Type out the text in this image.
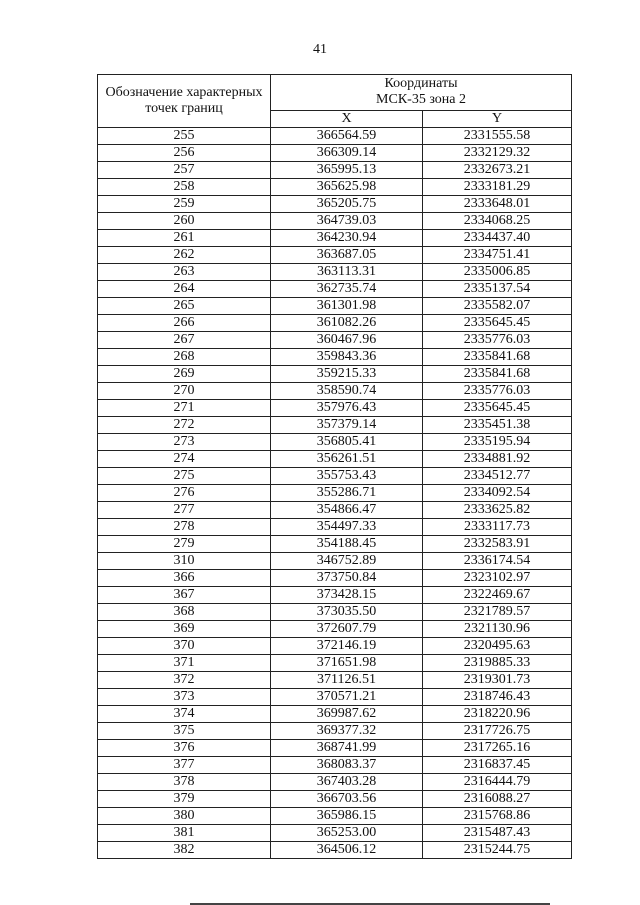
41
Обозначение характерных точек границ	Координаты
МСК-35 зона 2	

	X	Y
255	366564.59	2331555.58
256	366309.14	2332129.32
257	365995.13	2332673.21
258	365625.98	2333181.29
259	365205.75	2333648.01
260	364739.03	2334068.25
261	364230.94	2334437.40
262	363687.05	2334751.41
263	363113.31	2335006.85
264	362735.74	2335137.54
265	361301.98	2335582.07
266	361082.26	2335645.45
267	360467.96	2335776.03
268	359843.36	2335841.68
269	359215.33	2335841.68
270	358590.74	2335776.03
271	357976.43	2335645.45
272	357379.14	2335451.38
273	356805.41	2335195.94
274	356261.51	2334881.92
275	355753.43	2334512.77
276	355286.71	2334092.54
277	354866.47	2333625.82
278	354497.33	2333117.73
279	354188.45	2332583.91
310	346752.89	2336174.54
366	373750.84	2323102.97
367	373428.15	2322469.67
368	373035.50	2321789.57
369	372607.79	2321130.96
370	372146.19	2320495.63
371	371651.98	2319885.33
372	371126.51	2319301.73
373	370571.21	2318746.43
374	369987.62	2318220.96
375	369377.32	2317726.75
376	368741.99	2317265.16
377	368083.37	2316837.45
378	367403.28	2316444.79
379	366703.56	2316088.27
380	365986.15	2315768.86
381	365253.00	2315487.43
382	364506.12	2315244.75
